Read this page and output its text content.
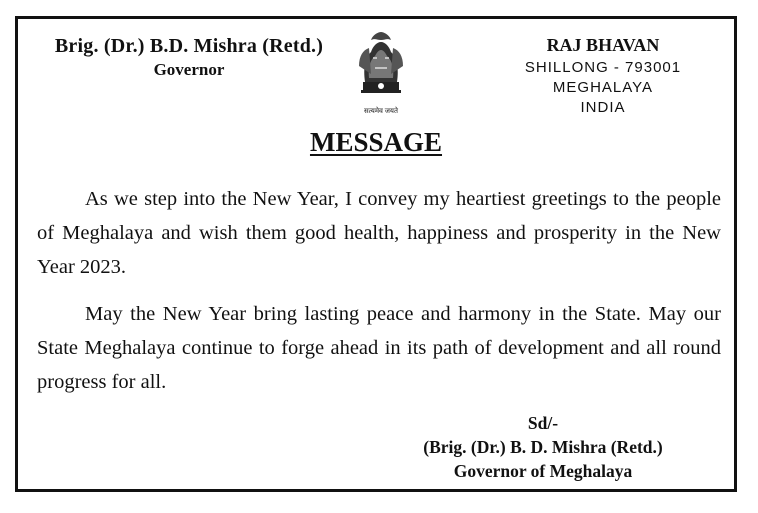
Brig. (Dr.) B.D. Mishra (Retd.)
Governor
सत्यमेव जयते
RAJ BHAVAN
SHILLONG - 793001
MEGHALAYA
INDIA
MESSAGE
As we step into the New Year, I convey my heartiest greetings to the people of Meghalaya and wish them good health, happiness and prosperity in the New Year 2023.
May the New Year bring lasting peace and harmony in the State. May our State Meghalaya continue to forge ahead in its path of development and all round progress for all.
Sd/-
(Brig. (Dr.) B. D. Mishra (Retd.)
Governor of Meghalaya
